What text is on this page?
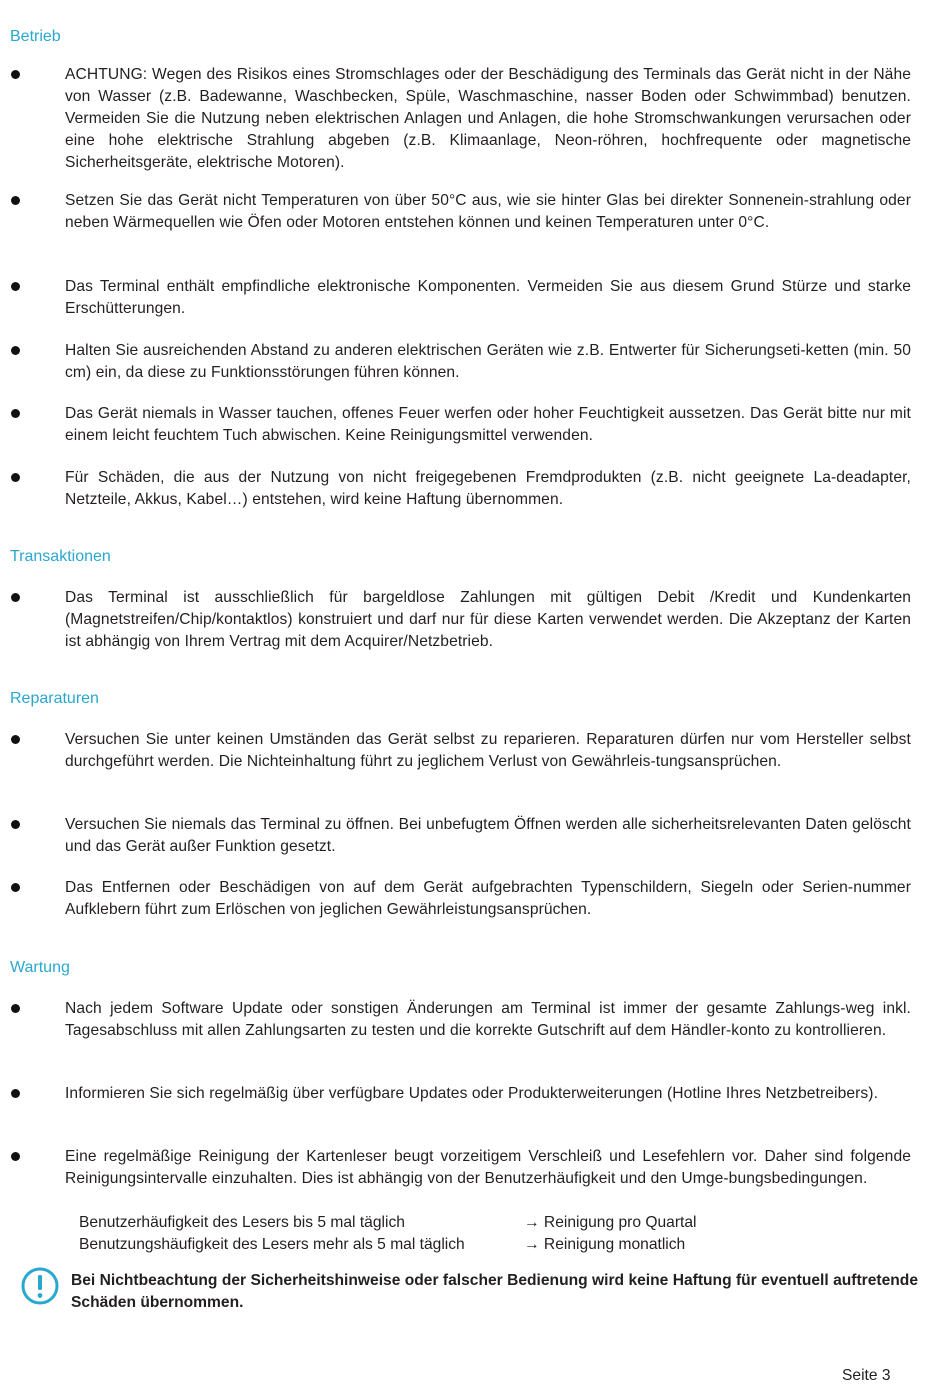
Betrieb

ACHTUNG: Wegen des Risikos eines Stromschlages oder der Beschädigung des Terminals das Gerät nicht in der Nähe von Wasser (z.B. Badewanne, Waschbecken, Spüle, Waschmaschine, nasser Boden oder Schwimmbad) benutzen. Vermeiden Sie die Nutzung neben elektrischen Anlagen und Anlagen, die hohe Stromschwankungen verursachen oder eine hohe elektrische Strahlung abgeben (z.B. Klimaanlage, Neon-röhren, hochfrequente oder magnetische Sicherheitsgeräte, elektrische Motoren).

Setzen Sie das Gerät nicht Temperaturen von über 50°C aus, wie sie hinter Glas bei direkter Sonnenein-strahlung oder neben Wärmequellen wie Öfen oder Motoren entstehen können und keinen Temperaturen unter 0°C.

Das Terminal enthält empfindliche elektronische Komponenten. Vermeiden Sie aus diesem Grund Stürze und starke Erschütterungen.

Halten Sie ausreichenden Abstand zu anderen elektrischen Geräten wie z.B. Entwerter für Sicherungseti-ketten (min. 50 cm) ein, da diese zu Funktionsstörungen führen können.

Das Gerät niemals in Wasser tauchen, offenes Feuer werfen oder hoher Feuchtigkeit aussetzen. Das Gerät bitte nur mit einem leicht feuchtem Tuch abwischen. Keine Reinigungsmittel verwenden.

Für Schäden, die aus der Nutzung von nicht freigegebenen Fremdprodukten (z.B. nicht geeignete La-deadapter, Netzteile, Akkus, Kabel…) entstehen, wird keine Haftung übernommen.

Transaktionen

Das Terminal ist ausschließlich für bargeldlose Zahlungen mit gültigen Debit /Kredit und Kundenkarten (Magnetstreifen/Chip/kontaktlos) konstruiert und darf nur für diese Karten verwendet werden. Die Akzeptanz der Karten ist abhängig von Ihrem Vertrag mit dem Acquirer/Netzbetrieb.

Reparaturen

Versuchen Sie unter keinen Umständen das Gerät selbst zu reparieren. Reparaturen dürfen nur vom Hersteller selbst durchgeführt werden. Die Nichteinhaltung führt zu jeglichem Verlust von Gewährleis-tungsansprüchen.

Versuchen Sie niemals das Terminal zu öffnen. Bei unbefugtem Öffnen werden alle sicherheitsrelevanten Daten gelöscht und das Gerät außer Funktion gesetzt.

Das Entfernen oder Beschädigen von auf dem Gerät aufgebrachten Typenschildern, Siegeln oder Serien-nummer Aufklebern führt zum Erlöschen von jeglichen Gewährleistungsansprüchen.

Wartung

Nach jedem Software Update oder sonstigen Änderungen am Terminal ist immer der gesamte Zahlungs-weg inkl. Tagesabschluss mit allen Zahlungsarten zu testen und die korrekte Gutschrift auf dem Händler-konto zu kontrollieren.

Informieren Sie sich regelmäßig über verfügbare Updates oder Produkterweiterungen (Hotline Ihres Netzbetreibers).

Eine regelmäßige Reinigung der Kartenleser beugt vorzeitigem Verschleiß und Lesefehlern vor. Daher sind folgende Reinigungsintervalle einzuhalten. Dies ist abhängig von der Benutzerhäufigkeit und den Umge-bungsbedingungen.

Benutzerhäufigkeit des Lesers bis 5 mal täglich	→ Reinigung pro Quartal
Benutzungshäufigkeit des Lesers mehr als 5 mal täglich	→ Reinigung monatlich

Bei Nichtbeachtung der Sicherheitshinweise oder falscher Bedienung wird keine Haftung für eventuell auftretende Schäden übernommen.

Seite 3
